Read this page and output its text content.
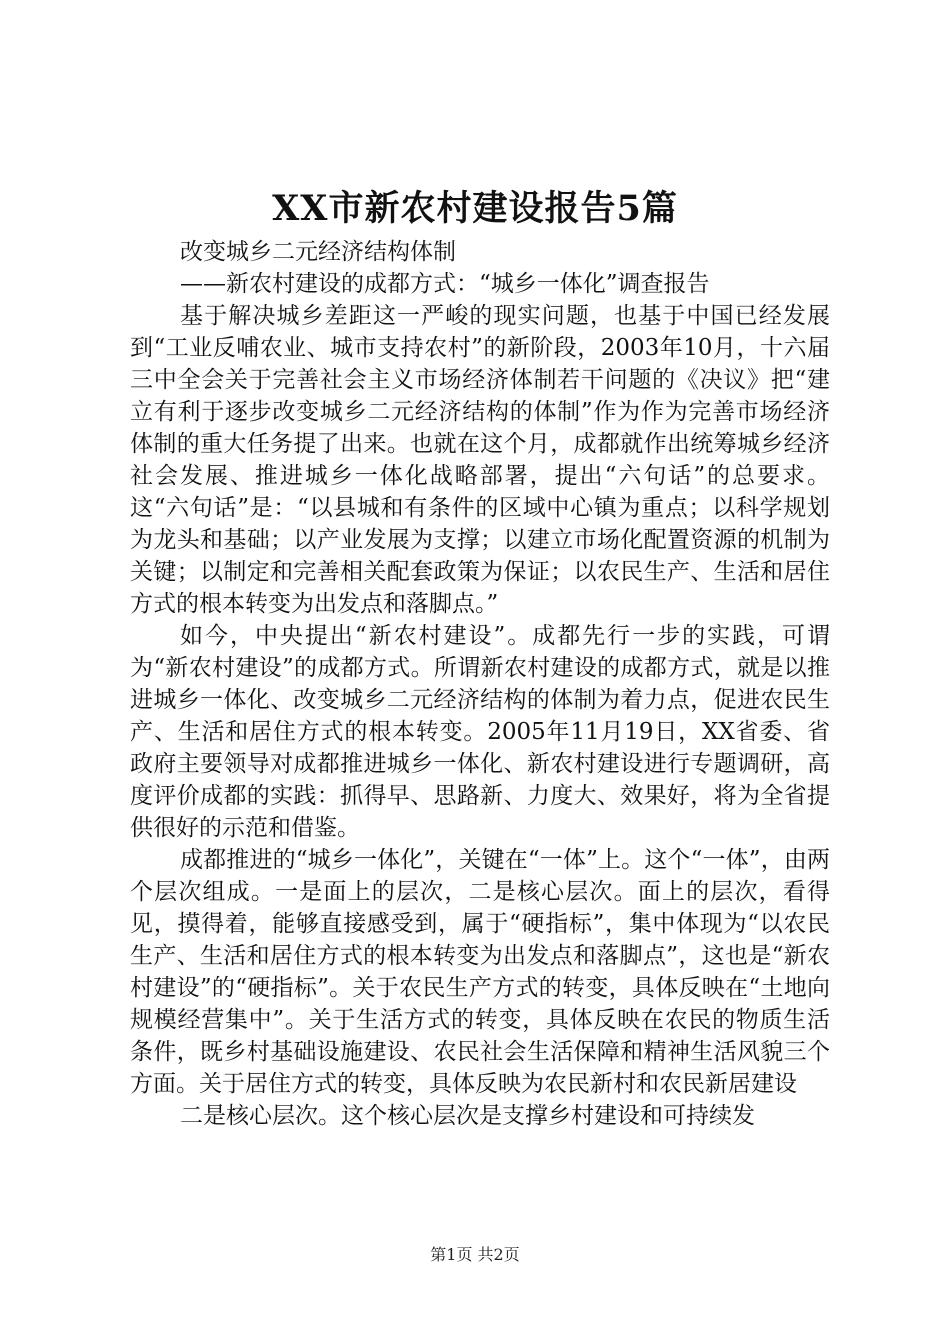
XX市新农村建设报告5篇

改变城乡二元经济结构体制

——新农村建设的成都方式：“城乡一体化”调查报告

基于解决城乡差距这一严峻的现实问题，也基于中国已经发展到“工业反哺农业、城市支持农村”的新阶段，2003年10月，十六届三中全会关于完善社会主义市场经济体制若干问题的《决议》把“建立有利于逐步改变城乡二元经济结构的体制”作为作为完善市场经济体制的重大任务提了出来。也就在这个月，成都就作出统筹城乡经济社会发展、推进城乡一体化战略部署，提出“六句话”的总要求。这“六句话”是：“以县城和有条件的区域中心镇为重点；以科学规划为龙头和基础；以产业发展为支撑；以建立市场化配置资源的机制为关键；以制定和完善相关配套政策为保证；以农民生产、生活和居住方式的根本转变为出发点和落脚点。”

如今，中央提出“新农村建设”。成都先行一步的实践，可谓为“新农村建设”的成都方式。所谓新农村建设的成都方式，就是以推进城乡一体化、改变城乡二元经济结构的体制为着力点，促进农民生产、生活和居住方式的根本转变。2005年11月19日，XX省委、省政府主要领导对成都推进城乡一体化、新农村建设进行专题调研，高度评价成都的实践：抓得早、思路新、力度大、效果好，将为全省提供很好的示范和借鉴。

成都推进的“城乡一体化”，关键在“一体”上。这个“一体”，由两个层次组成。一是面上的层次，二是核心层次。面上的层次，看得见，摸得着，能够直接感受到，属于“硬指标”，集中体现为“以农民生产、生活和居住方式的根本转变为出发点和落脚点”，这也是“新农村建设”的“硬指标”。关于农民生产方式的转变，具体反映在“土地向规模经营集中”。关于生活方式的转变，具体反映在农民的物质生活条件，既乡村基础设施建设、农民社会生活保障和精神生活风貌三个方面。关于居住方式的转变，具体反映为农民新村和农民新居建设

二是核心层次。这个核心层次是支撑乡村建设和可持续发

第1页 共2页
